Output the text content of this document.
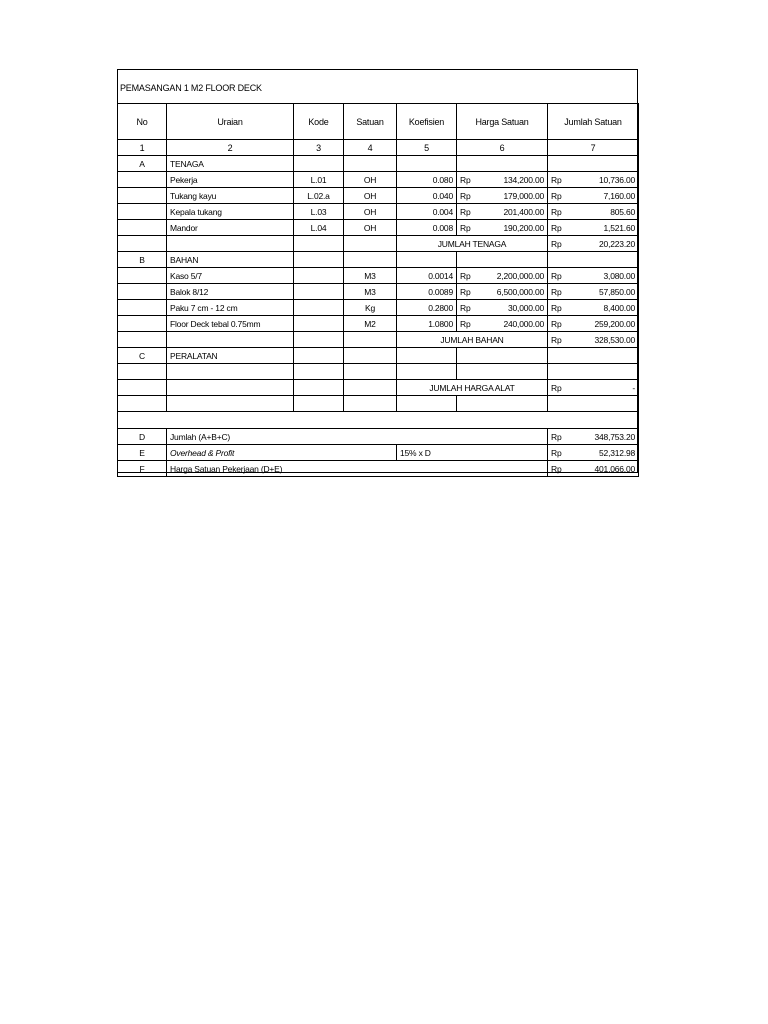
PEMASANGAN 1 M2 FLOOR DECK
No	Uraian	Kode	Satuan	Koefisien	Harga Satuan		Jumlah Satuan	
1	2	3	4	5	6		7	
A	TENAGA							
	Pekerja	L.01	OH	0.080	Rp	134,200.00	Rp	10,736.00
	Tukang kayu	L.02.a	OH	0.040	Rp	179,000.00	Rp	7,160.00
	Kepala tukang	L.03	OH	0.004	Rp	201,400.00	Rp	805.60
	Mandor	L.04	OH	0.008	Rp	190,200.00	Rp	1,521.60
				JUMLAH TENAGA			Rp	20,223.20
B	BAHAN							
	Kaso 5/7		M3	0.0014	Rp	2,200,000.00	Rp	3,080.00
	Balok 8/12		M3	0.0089	Rp	6,500,000.00	Rp	57,850.00
	Paku 7 cm - 12 cm		Kg	0.2800	Rp	30,000.00	Rp	8,400.00
	Floor Deck tebal 0.75mm		M2	1.0800	Rp	240,000.00	Rp	259,200.00
				JUMLAH BAHAN			Rp	328,530.00
C	PERALATAN							

				JUMLAH HARGA ALAT			Rp	-

D	Jumlah (A+B+C)						Rp	348,753.20
E	Overhead & Profit			15% x D			Rp	52,312.98
F	Harga Satuan Pekerjaan (D+E)						Rp	401,066.00
